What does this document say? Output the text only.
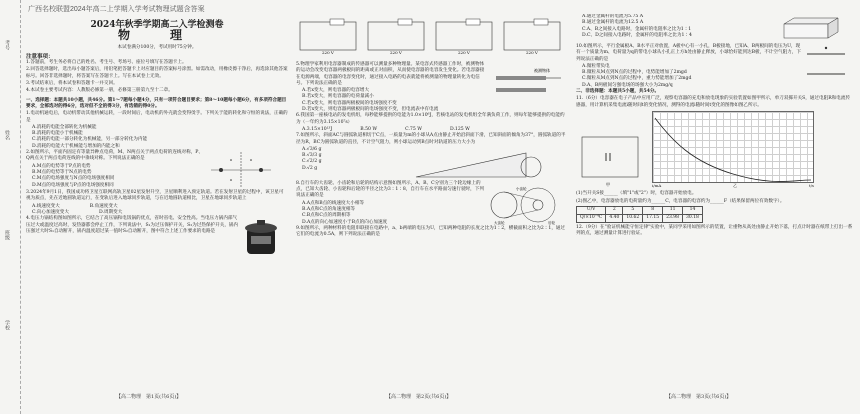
广西名校联盟2024年高二上学期入学考试物理试题含答案
考号
姓名
班级
学校
2024年秋季学期高二入学检测卷
物　理
本试卷满分100分，考试用时75分钟。
注意事项：
1.答题前，考生务必将自己的姓名、考生号、考场号、座位号填写在答题卡上。
2.回答选择题时，选出每小题答案后，用铅笔把答题卡上对应题目的答案标号涂黑。如需改动，用橡皮擦干净后，再选涂其他答案标号。回答非选择题时，将答案写在答题卡上。写在本试卷上无效。
3.考试结束后，将本试卷和答题卡一并交回。
4.本试卷主要考试内容：人教版必修第一册，必修第三册第九至十二章。
一、选择题：本题共10小题，共46分。第1～7题每小题4分，只有一项符合题目要求；第8～10题每小题6分，有多项符合题目要求，全部选对的得6分，选对但不全的得3分，有选错的得0分。
1.电动机通电后，电动机带动其他机械运转，一段时间后，电动机的外壳就会变得烫手。下列关于能的转化和守恒的说法，正确的是
A.消耗的电能全部转化为机械能
B.消耗的电能小于机械能
C.消耗的电能一部分转化为机械能，另一部分转化为内能
D.消耗的电能大于机械能与增加的内能之和
2.如图所示，平面内固定有等量异种点电荷，M、N两点关于两点电荷的连线对称，P、Q两点关于两点电荷连线的中垂线对称。下列说法正确的是
A.M点的电势等于P点的电势
B.M点的电势等于N点的电势
C.M点的电场强度与N点的电场强度相同
D.M点的电场强度与P点的电场强度相同
3.2024年9月1日，我国成功将卫星互联网高轨卫星02星发射升空，卫星顺利进入预定轨道。若在发射卫星的过程中，该卫星可视为质点，先在近地圆轨道运行，在变轨后进入地球同步轨道，与在近地圆轨道相比，卫星在地球同步轨道上
A.线速度变大	B.角速度变大
C.向心加速度变大	D.周期变大
4.电压力锅结构图如图所示，它结合了高压锅和电饭锅的优点，省时省电、安全性高。当电压力锅内部气压过大或温度过高时，发热器都会停止工作，下列说法中，S₁为过压保护开关，S₂为过热保护开关，锅内压强过大时S₁自动断开，锅内温度超过某一值时S₂自动断开，图中符合上述工作要求的电路是
【高二物理　第1页(共6页)】
220 V	220 V	220 V	220 V
5.物理学家利用电容器制成的传感器可以测量多种物理量。某电容式传感器工作时，被测物体的运动会改变电容器两极板间的距离或正对面积，从而使电容器的电容发生变化。若电容器接在电源两端，电容器的电容变化时，通过接入电路的电表就能将被测量的物理量转化为电信号。下列说法正确的是
A.若x变大，则电容器的电容增大
B.若x变大，则电容器的电荷量减小
C.若x变大，则电容器两极板间的电场强度不变
D.若x变大，则电容器两极板间的电场强度不变，但电流表中有电流
被测物体
6.我国第一座核电站的发电机组，每秒能够提供的电能为1.0×10⁶J，若核电站的发电机组全年满负荷工作，则每年能够提供的电能约为（一年约为3.15×10⁷s）
A.3.15×10¹³J	B.50 W	C.75 W	D.125 W
7.如图所示，斜面AC与圆弧轨道相切于C点，一质量为m的小球从A点由静止开始沿斜面下滑，已知斜面的倾角为37°，圆弧轨道的半径为R，BC为圆弧轨道的直径，不计空气阻力，则小球运动到B点时对轨道的压力大小为
A.√3/6 g
B.√3/3 g
C.√2/2 g
D.√2 g
8.自行车的大齿轮、小齿轮和后轮的结构示意图如图所示，A、B、C分别为三个轮边缘上的点，已知大齿轮、小齿轮和后轮的半径之比为3∶1∶8，自行车在水平路面匀速行驶时，下列说法正确的是
A.A点和B点的线速度大小相等
B.A点和C点的角速度相等
C.B点和C点的周期相等
D.A点的向心加速度小于B点的向心加速度	大齿轮
小齿轮
后轮
9.如图所示，两种材料的电阻串联接在电路中，a、b两端的电压为U，已知两种电阻的长度之比为1∶2，横截面积之比为2∶1，通过它们的电流为0.5A，则下列说法正确的是
【高二物理　第2页(共6页)】
A.通过金属杆的电流为5.75 A
B.通过金属杆的电流为12.5 A
C.A、B之间接入电路时，金属杆的电阻率之比为1∶1
D.C、D之间接入电路时，金属杆的电阻率之比为1∶4
10.如图所示，平行金属板A、B水平正对放置，A板中心有一小孔，B板接地，已知A、B两板间的电压为U，现有一个质量为m、电荷量为q的带电小球从小孔正上方h处由静止释放，小球恰好能到达B板，不计空气阻力，下列说法正确的是
A.微粒带负电
B.微粒从M点到N点的过程中，电势能增加了2mgd
C.微粒从M点到N点的过程中，重力势能增加了2mgd
D.A、B两板间匀强电场的场强大小为2mg/q
二、非选择题：本题共5小题，共54分。
11.（6分）电容器在电子产品中应用广泛，观察电容器的充电和放电现象的实验装置如图甲所示，单刀双掷开关S，通过电阻R和电流传感器，用计算机采集电流i随时间t的变化情况，测得的电流i随时间t变化的图像如图乙所示。
甲	i/mA	乙	t/s
(1)当开关S接______（填"1"或"2"）时，电容器开始放电。
(2)图乙中，电容器放电的电荷量约为______C，电容器的电容约为______F（结果保留两位有效数字）。
U/V	2	5	8	11	14
Q/×10⁻⁴C	4.40	10.62	17.15	23.98	30.18
12.（9分）在"验证机械能守恒定律"实验中，某同学采用如图所示的装置，让重物从高处由静止开始下落，打点计时器在纸带上打出一系列的点，通过测量计算进行验证。
【高二物理　第3页(共6页)】
